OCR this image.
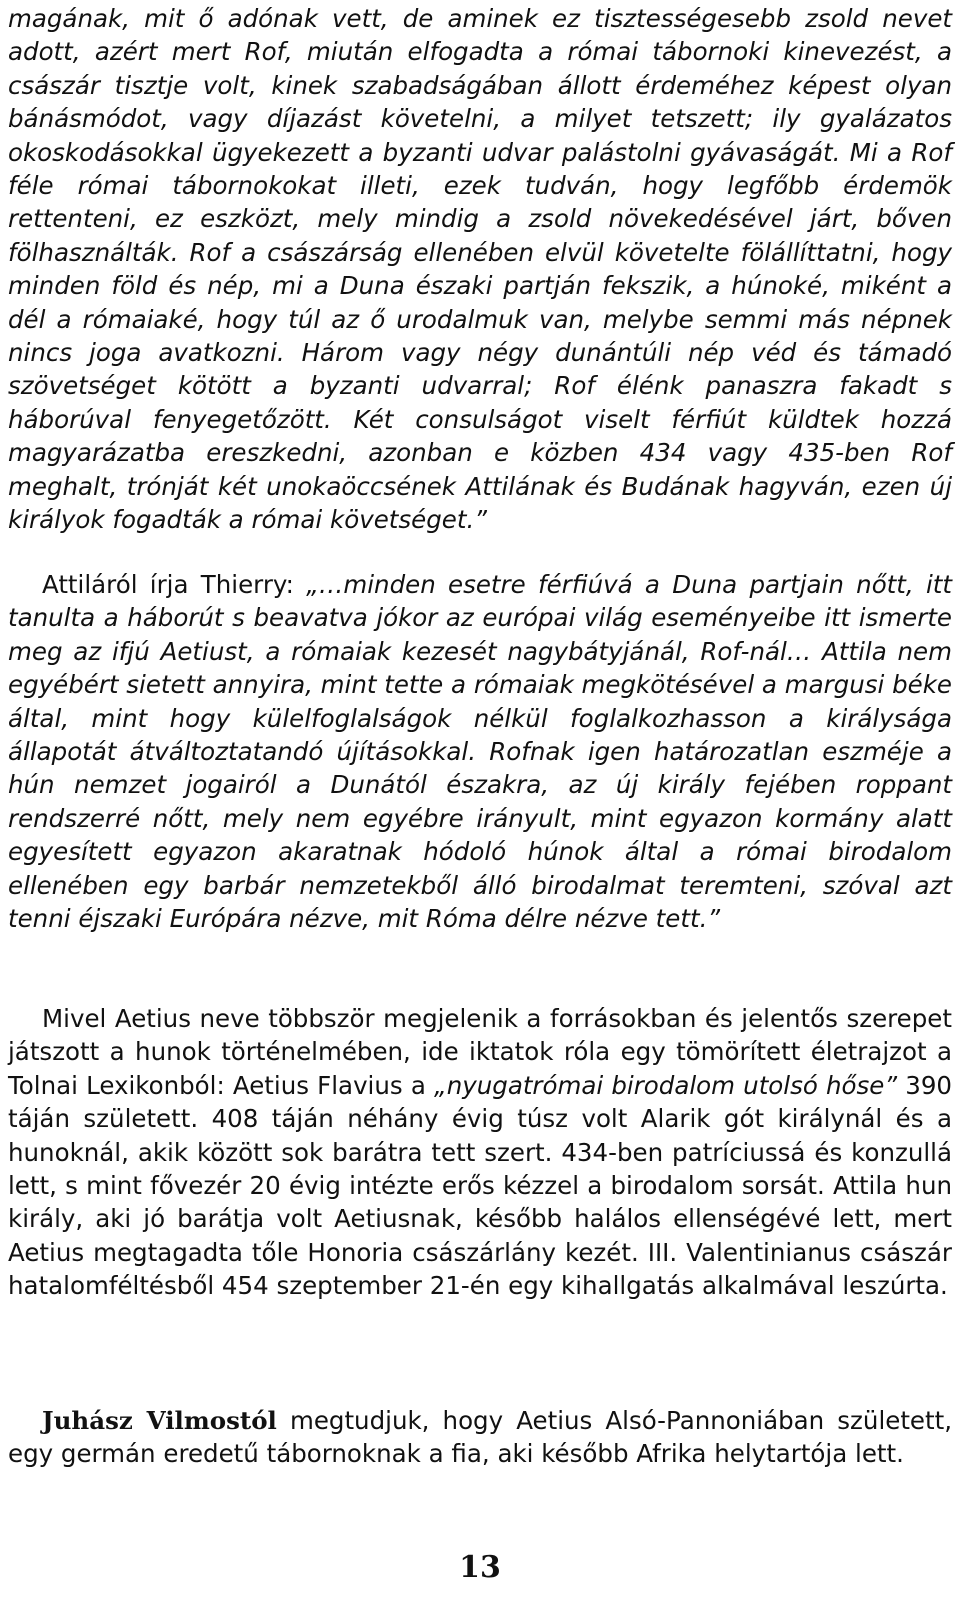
magának, mit ő adónak vett, de aminek ez tisztességesebb zsold nevet adott, azért mert Rof, miután elfogadta a római tábornoki kinevezést, a császár tisztje volt, kinek szabadságában állott érdeméhez képest olyan bánásmódot, vagy díjazást követelni, a milyet tetszett; ily gyalázatos okoskodásokkal ügyekezett a byzanti udvar palástolni gyávaságát. Mi a Rof féle római tábornokokat illeti, ezek tudván, hogy legfőbb érdemök rettenteni, ez eszközt, mely mindig a zsold növekedésével járt, bőven fölhasználták. Rof a császárság ellenében elvül követelte fölállíttatni, hogy minden föld és nép, mi a Duna északi partján fekszik, a húnoké, miként a dél a rómaiaké, hogy túl az ő urodalmuk van, melybe semmi más népnek nincs joga avatkozni. Három vagy négy dunántúli nép véd és támadó szövetséget kötött a byzanti udvarral; Rof élénk panaszra fakadt s háborúval fenyegetőzött. Két consulságot viselt férfiút küldtek hozzá magyarázatba ereszkedni, azonban e közben 434 vagy 435-ben Rof meghalt, trónját két unokaöccsének Attilának és Budának hagyván, ezen új királyok fogadták a római követséget.”

Attiláról írja Thierry: „…minden esetre férfiúvá a Duna partjain nőtt, itt tanulta a háborút s beavatva jókor az európai világ eseményeibe itt ismerte meg az ifjú Aetiust, a rómaiak kezesét nagybátyjánál, Rof-nál… Attila nem egyébért sietett annyira, mint tette a rómaiak megkötésével a margusi béke által, mint hogy külelfoglalságok nélkül foglalkozhasson a királysága állapotát átváltoztatandó újításokkal. Rofnak igen határozatlan eszméje a hún nemzet jogairól a Dunától északra, az új király fejében roppant rendszerré nőtt, mely nem egyébre irányult, mint egyazon kormány alatt egyesített egyazon akaratnak hódoló húnok által a római birodalom ellenében egy barbár nemzetekből álló birodalmat teremteni, szóval azt tenni éjszaki Európára nézve, mit Róma délre nézve tett.”

Mivel Aetius neve többször megjelenik a forrásokban és jelentős szerepet játszott a hunok történelmében, ide iktatok róla egy tömörített életrajzot a Tolnai Lexikonból: Aetius Flavius a „nyugatrómai birodalom utolsó hőse” 390 táján született. 408 táján néhány évig túsz volt Alarik gót királynál és a hunoknál, akik között sok barátra tett szert. 434-ben patríciussá és konzullá lett, s mint fővezér 20 évig intézte erős kézzel a birodalom sorsát. Attila hun király, aki jó barátja volt Aetiusnak, később halálos ellenségévé lett, mert Aetius megtagadta tőle Honoria császárlány kezét. III. Valentinianus császár hatalomféltésből 454 szeptember 21-én egy kihallgatás alkalmával leszúrta.

Juhász Vilmostól megtudjuk, hogy Aetius Alsó-Pannoniában született, egy germán eredetű tábornoknak a fia, aki később Afrika helytartója lett.

13
